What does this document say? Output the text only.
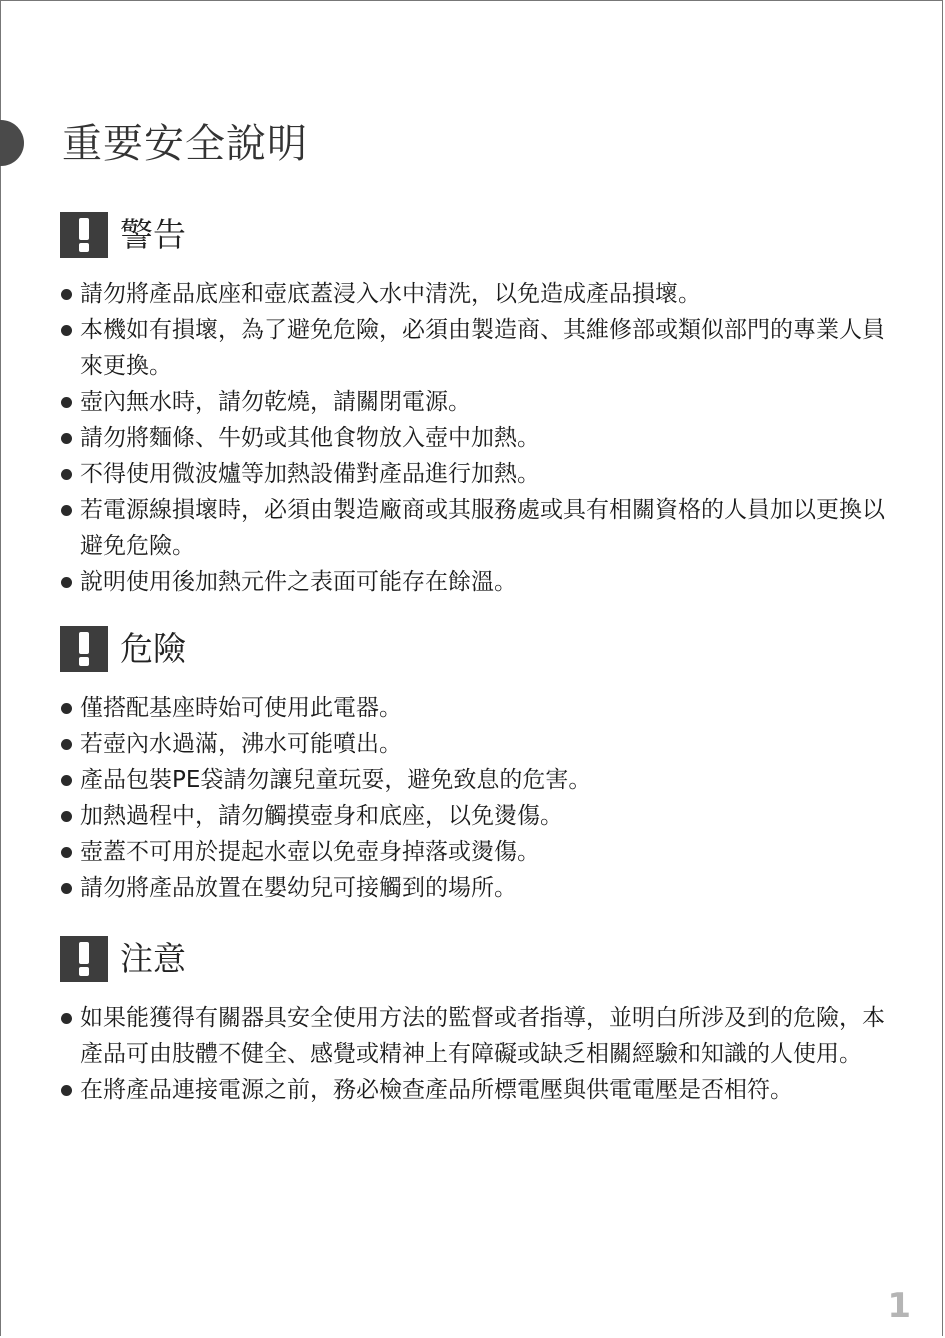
重要安全說明
警告
請勿將產品底座和壺底蓋浸入水中清洗，以免造成產品損壞。
本機如有損壞，為了避免危險，必須由製造商、其維修部或類似部門的專業人員來更換。
壺內無水時，請勿乾燒，請關閉電源。
請勿將麵條、牛奶或其他食物放入壺中加熱。
不得使用微波爐等加熱設備對產品進行加熱。
若電源線損壞時，必須由製造廠商或其服務處或具有相關資格的人員加以更換以避免危險。
說明使用後加熱元件之表面可能存在餘溫。
危險
僅搭配基座時始可使用此電器。
若壺內水過滿，沸水可能噴出。
產品包裝PE袋請勿讓兒童玩耍，避免致息的危害。
加熱過程中，請勿觸摸壺身和底座，以免燙傷。
壺蓋不可用於提起水壺以免壺身掉落或燙傷。
請勿將產品放置在嬰幼兒可接觸到的場所。
注意
如果能獲得有關器具安全使用方法的監督或者指導，並明白所涉及到的危險，本產品可由肢體不健全、感覺或精神上有障礙或缺乏相關經驗和知識的人使用。
在將產品連接電源之前，務必檢查產品所標電壓與供電電壓是否相符。
1
